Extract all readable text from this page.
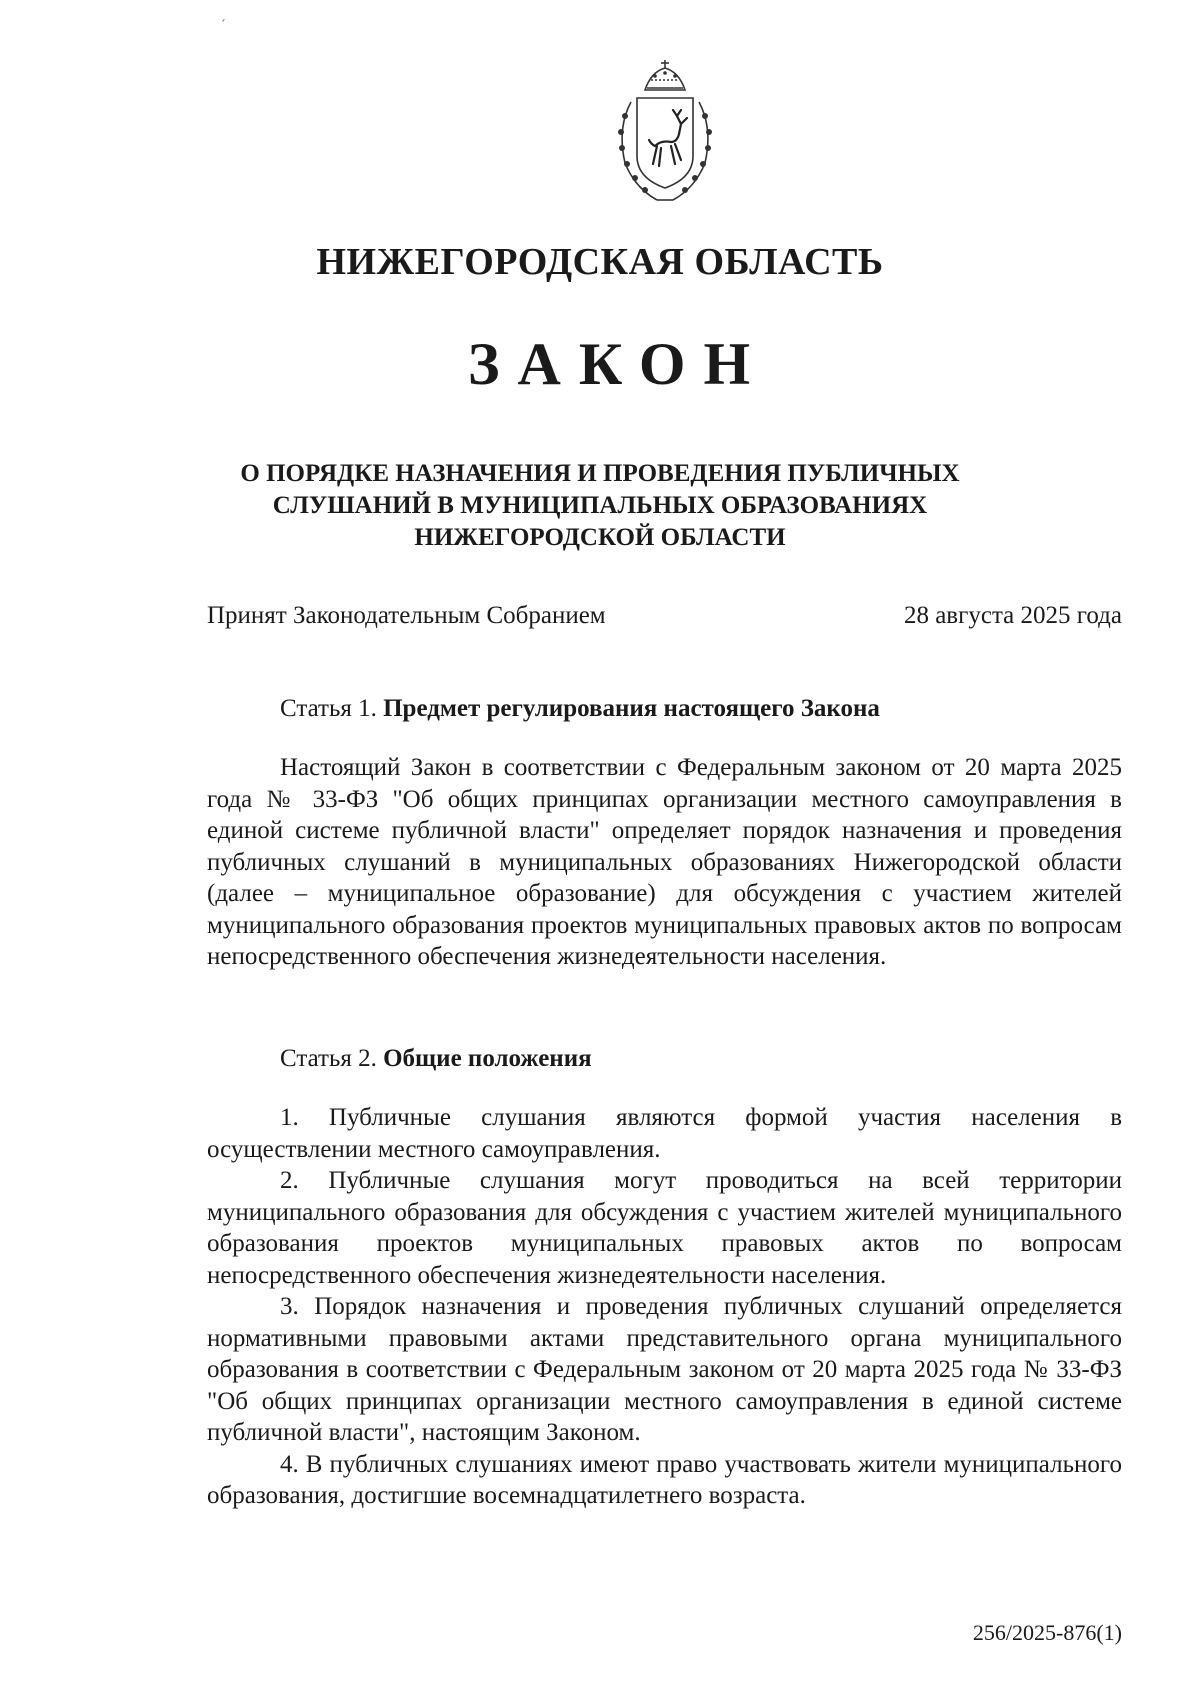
ˊ
НИЖЕГОРОДСКАЯ ОБЛАСТЬ
ЗАКОН
О ПОРЯДКЕ НАЗНАЧЕНИЯ И ПРОВЕДЕНИЯ ПУБЛИЧНЫХ
СЛУШАНИЙ В МУНИЦИПАЛЬНЫХ ОБРАЗОВАНИЯХ
НИЖЕГОРОДСКОЙ ОБЛАСТИ
Принят Законодательным Собранием	28 августа 2025 года

Статья 1. Предмет регулирования настоящего Закона

Настоящий Закон в соответствии с Федеральным законом от 20 марта 2025 года № 33-ФЗ "Об общих принципах организации местного самоуправления в единой системе публичной власти" определяет порядок назначения и проведения публичных слушаний в муниципальных образованиях Нижегородской области (далее – муниципальное образование) для обсуждения с участием жителей муниципального образования проектов муниципальных правовых актов по вопросам непосредственного обеспечения жизнедеятельности населения.

Статья 2. Общие положения

1. Публичные слушания являются формой участия населения в осуществлении местного самоуправления.

2. Публичные слушания могут проводиться на всей территории муниципального образования для обсуждения с участием жителей муниципального образования проектов муниципальных правовых актов по вопросам непосредственного обеспечения жизнедеятельности населения.

3. Порядок назначения и проведения публичных слушаний определяется нормативными правовыми актами представительного органа муниципального образования в соответствии с Федеральным законом от 20 марта 2025 года № 33-ФЗ "Об общих принципах организации местного самоуправления в единой системе публичной власти", настоящим Законом.

4. В публичных слушаниях имеют право участвовать жители муниципального образования, достигшие восемнадцатилетнего возраста.

256/2025-876(1)
